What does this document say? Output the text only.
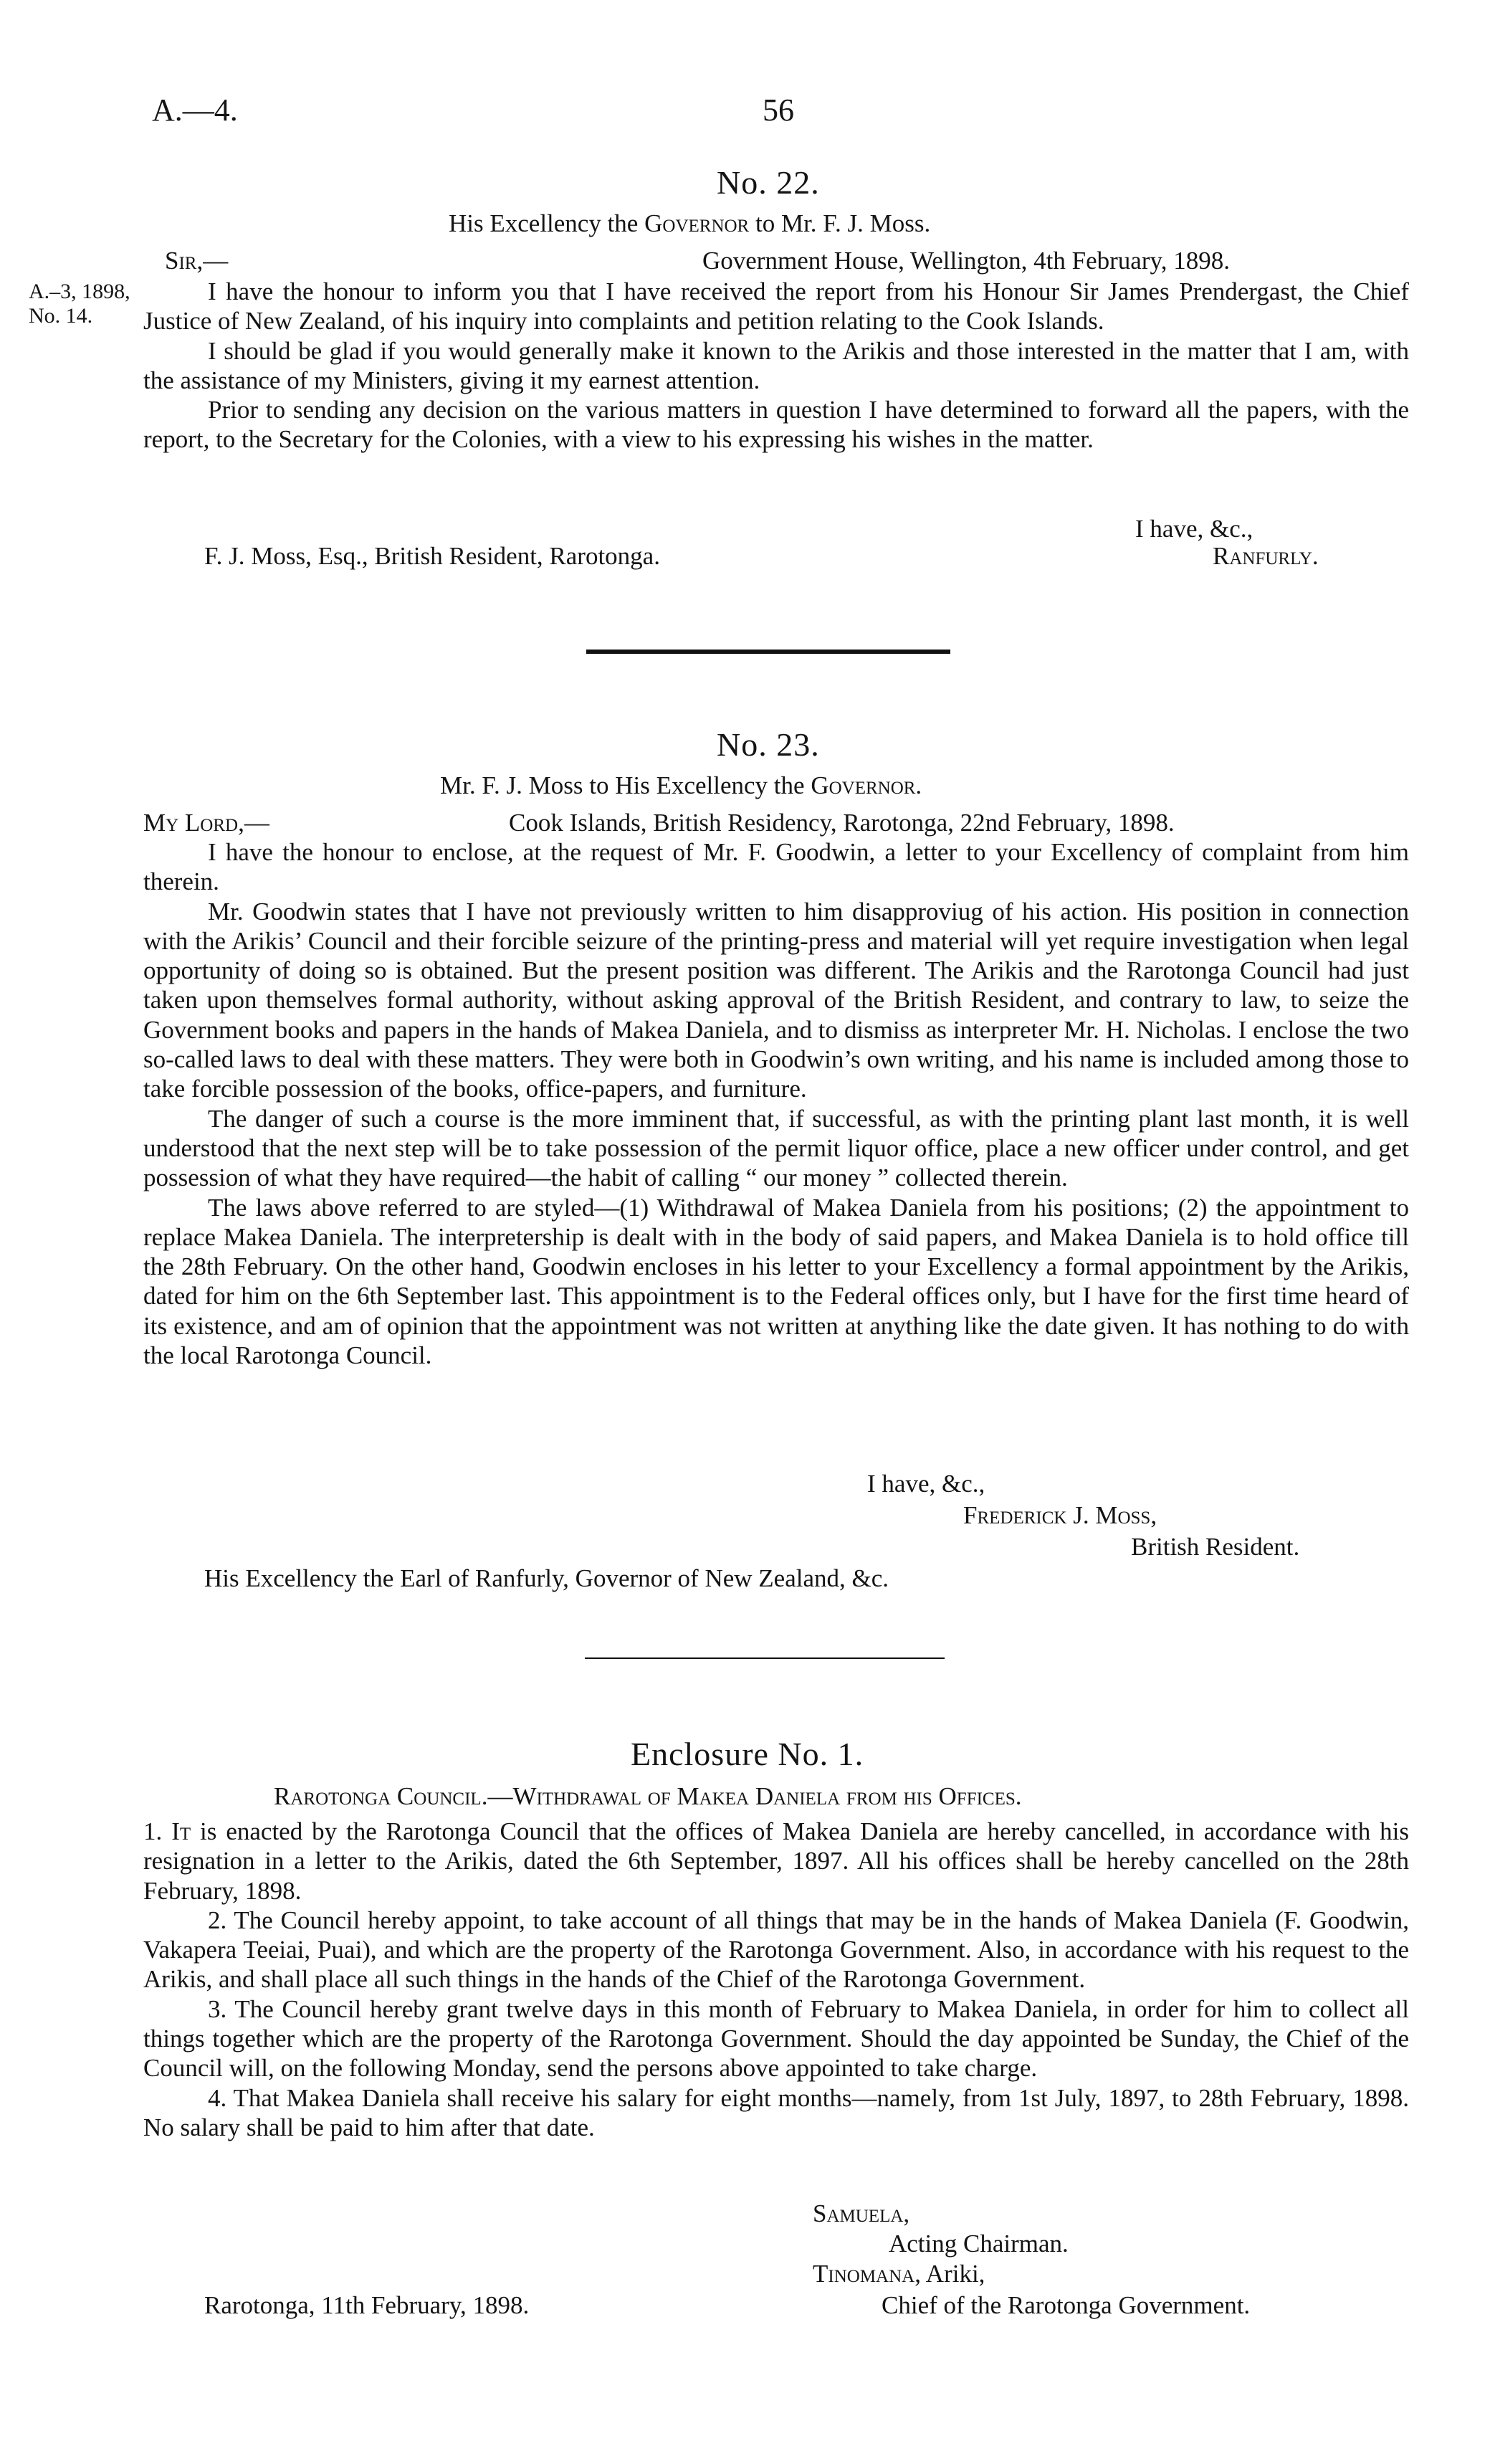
A.—4.	56
No. 22.
His Excellency the Governor to Mr. F. J. Moss.
Sir,—	Government House, Wellington, 4th February, 1898.
A.–3, 1898,
No. 14.

I have the honour to inform you that I have received the report from his Honour Sir James Prendergast, the Chief Justice of New Zealand, of his inquiry into complaints and petition relating to the Cook Islands.

I should be glad if you would generally make it known to the Arikis and those interested in the matter that I am, with the assistance of my Ministers, giving it my earnest attention.

Prior to sending any decision on the various matters in question I have determined to forward all the papers, with the report, to the Secretary for the Colonies, with a view to his expressing his wishes in the matter.

I have, &c.,
F. J. Moss, Esq., British Resident, Rarotonga.	Ranfurly.
No. 23.
Mr. F. J. Moss to His Excellency the Governor.
My Lord,—	Cook Islands, British Residency, Rarotonga, 22nd February, 1898.

I have the honour to enclose, at the request of Mr. F. Goodwin, a letter to your Excellency of complaint from him therein.

Mr. Goodwin states that I have not previously written to him disapproviug of his action. His position in connection with the Arikis’ Council and their forcible seizure of the printing-press and material will yet require investigation when legal opportunity of doing so is obtained. But the present position was different. The Arikis and the Rarotonga Council had just taken upon themselves formal authority, without asking approval of the British Resident, and contrary to law, to seize the Government books and papers in the hands of Makea Daniela, and to dismiss as interpreter Mr. H. Nicholas. I enclose the two so-called laws to deal with these matters. They were both in Goodwin’s own writing, and his name is included among those to take forcible possession of the books, office-papers, and furniture.

The danger of such a course is the more imminent that, if successful, as with the printing plant last month, it is well understood that the next step will be to take possession of the permit liquor office, place a new officer under control, and get possession of what they have required—the habit of calling “ our money ” collected therein.

The laws above referred to are styled—(1) Withdrawal of Makea Daniela from his positions; (2) the appointment to replace Makea Daniela. The interpretership is dealt with in the body of said papers, and Makea Daniela is to hold office till the 28th February. On the other hand, Goodwin encloses in his letter to your Excellency a formal appointment by the Arikis, dated for him on the 6th September last. This appointment is to the Federal offices only, but I have for the first time heard of its existence, and am of opinion that the appointment was not written at anything like the date given. It has nothing to do with the local Rarotonga Council.

I have, &c.,
Frederick J. Moss,
British Resident.
His Excellency the Earl of Ranfurly, Governor of New Zealand, &c.
Enclosure No. 1.
Rarotonga Council.—Withdrawal of Makea Daniela from his Offices.

1. It is enacted by the Rarotonga Council that the offices of Makea Daniela are hereby cancelled, in accordance with his resignation in a letter to the Arikis, dated the 6th September, 1897. All his offices shall be hereby cancelled on the 28th February, 1898.

2. The Council hereby appoint, to take account of all things that may be in the hands of Makea Daniela (F. Goodwin, Vakapera Teeiai, Puai), and which are the property of the Rarotonga Government. Also, in accordance with his request to the Arikis, and shall place all such things in the hands of the Chief of the Rarotonga Government.

3. The Council hereby grant twelve days in this month of February to Makea Daniela, in order for him to collect all things together which are the property of the Rarotonga Government. Should the day appointed be Sunday, the Chief of the Council will, on the following Monday, send the persons above appointed to take charge.

4. That Makea Daniela shall receive his salary for eight months—namely, from 1st July, 1897, to 28th February, 1898. No salary shall be paid to him after that date.

Samuela,
Acting Chairman.
Tinomana, Ariki,
Rarotonga, 11th February, 1898.	Chief of the Rarotonga Government.
